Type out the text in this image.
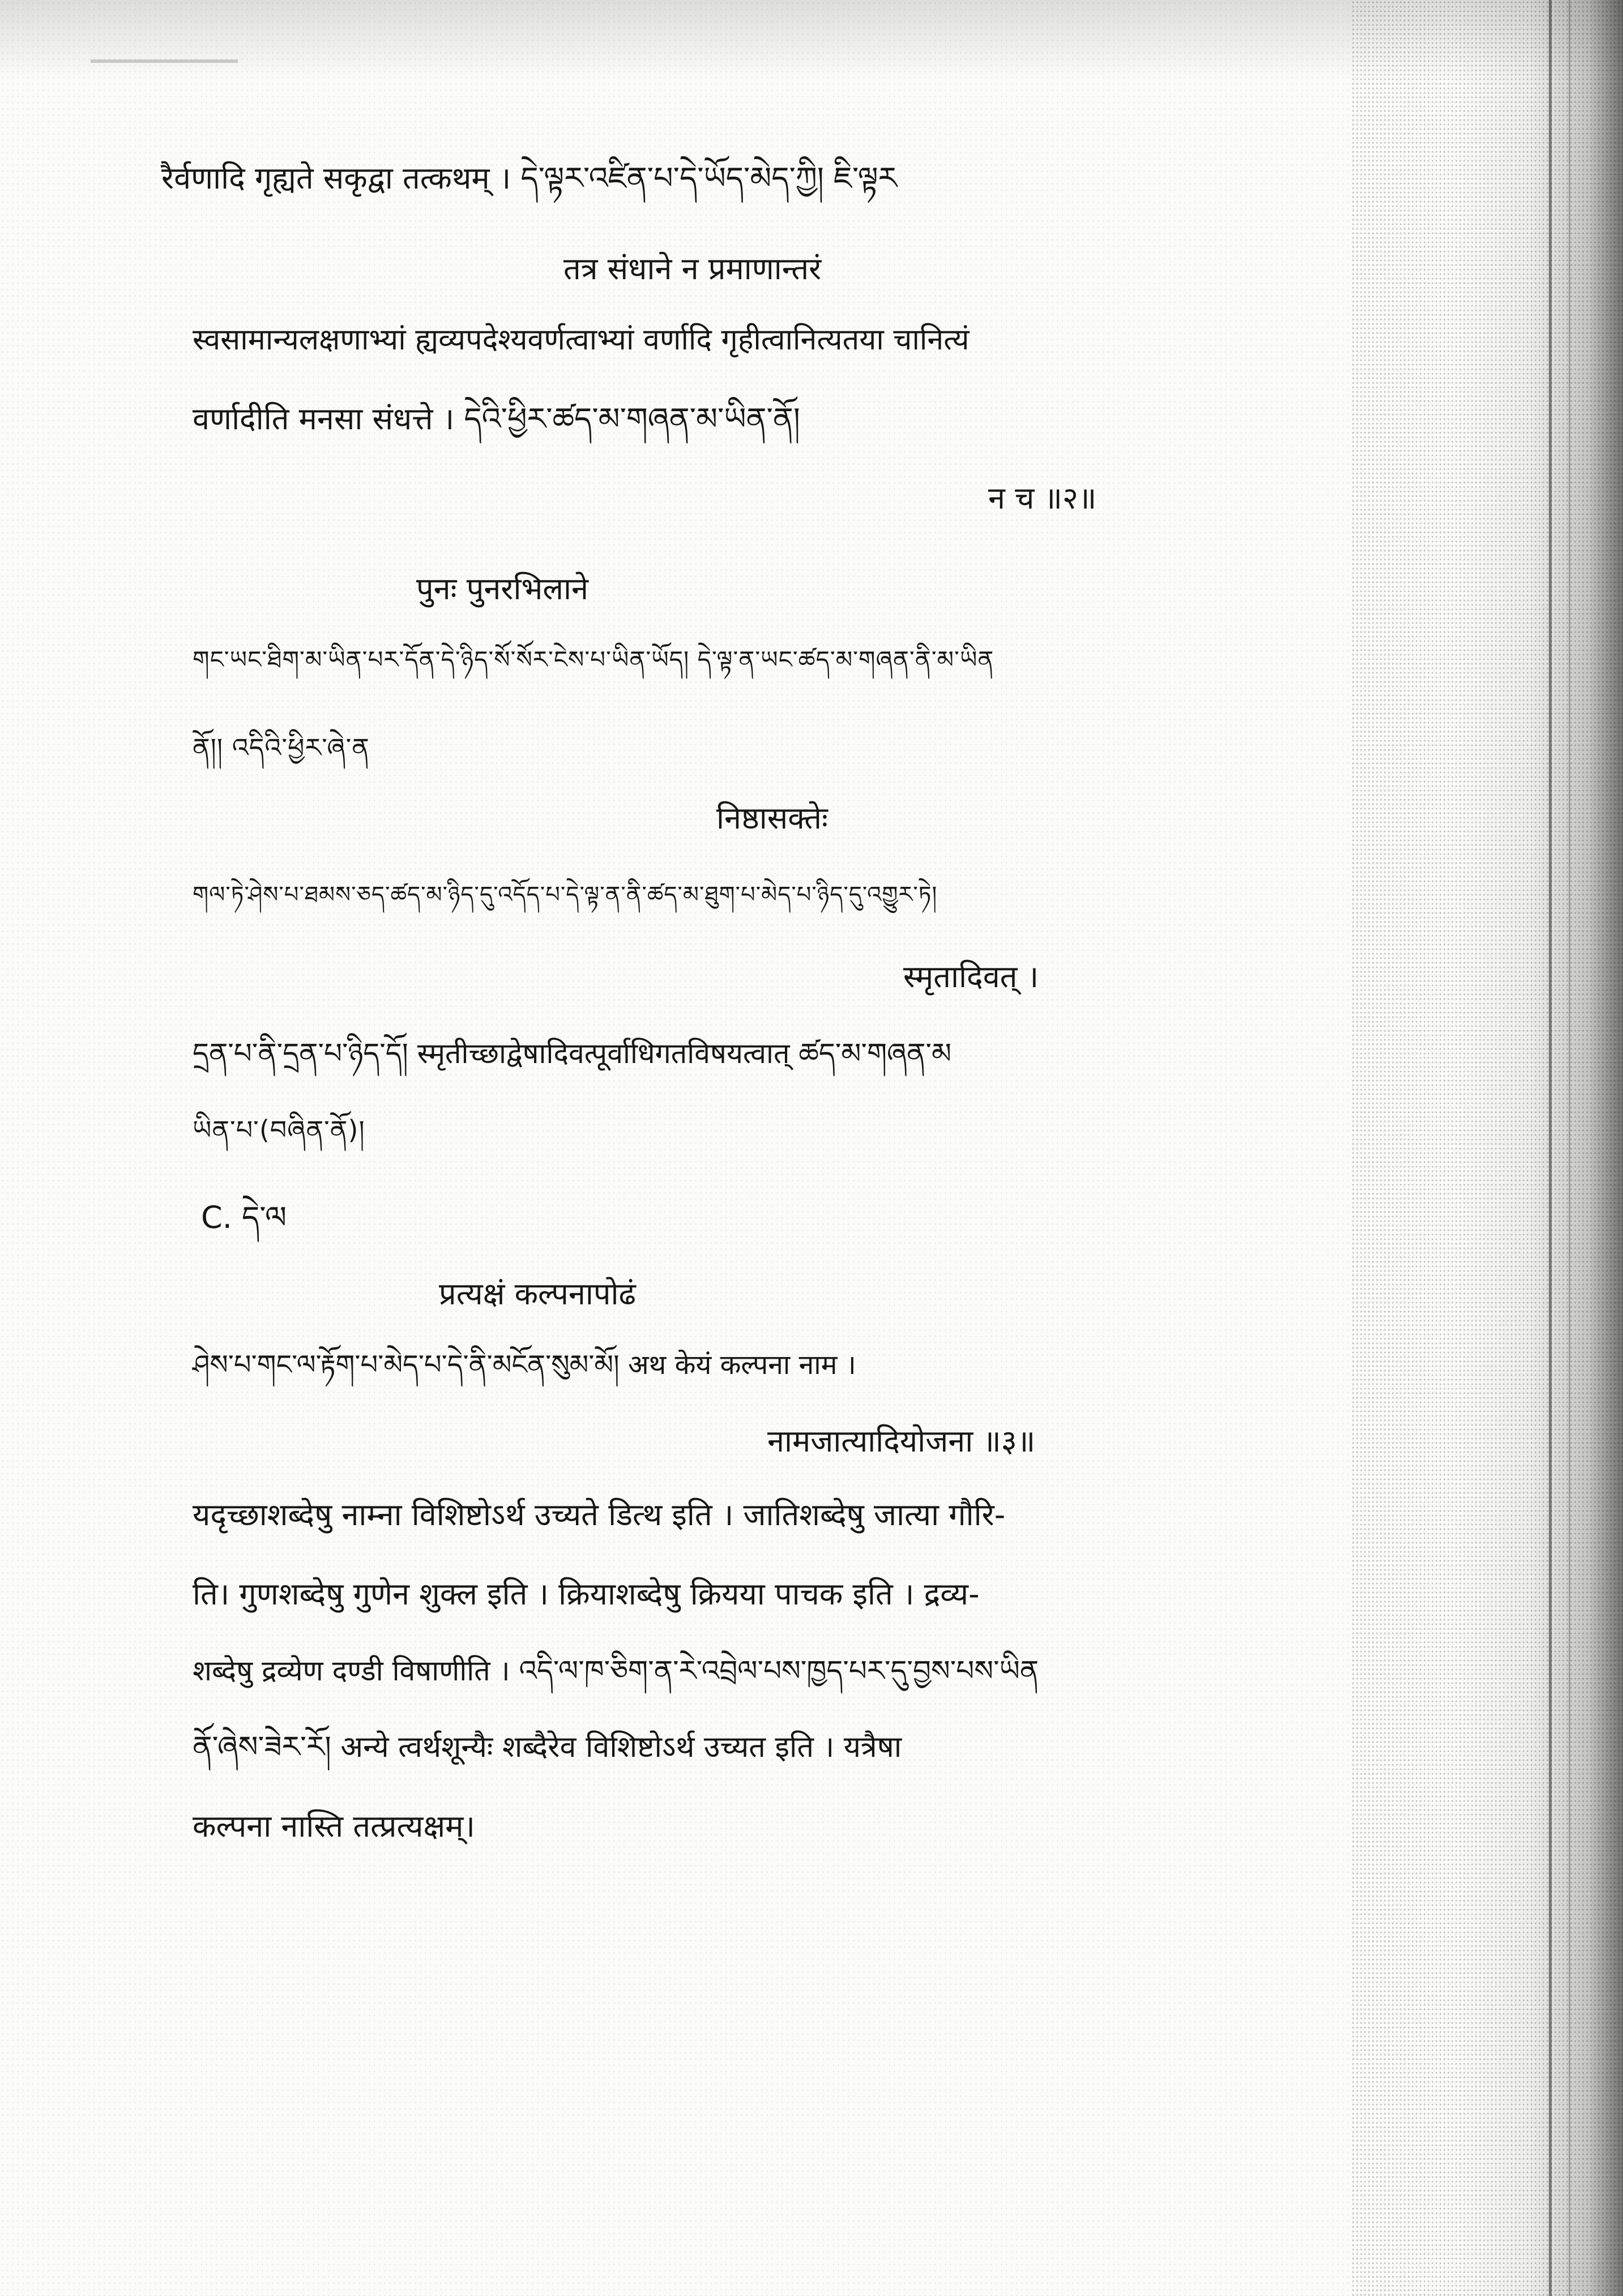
रैर्वणादि गृह्यते सकृद्वा तत्कथम् । དེ་ལྟར་འཛིན་པ་དེ་ཡོད་མེད་ཀྱི། ཇི་ལྟར
तत्र संधाने न प्रमाणान्तरं
स्वसामान्यलक्षणाभ्यां ह्यव्यपदेश्यवर्णत्वाभ्यां वर्णादि गृहीत्वानित्यतया चानित्यं
वर्णादीति मनसा संधत्ते । དེའི་ཕྱིར་ཚད་མ་གཞན་མ་ཡིན་ནོ།
न च ॥२॥
पुनः पुनरभिलाने
གང་ཡང་ཐིག་མ་ཡིན་པར་དོན་དེ་ཉིད་སོ་སོར་ངེས་པ་ཡིན་ཡོད། དེ་ལྟ་ན་ཡང་ཚད་མ་གཞན་ནི་མ་ཡིན
ནོ།། འདིའི་ཕྱིར་ཞེ་ན
निष्ठासक्तेः
གལ་ཏེ་ཤེས་པ་ཐམས་ཅད་ཚད་མ་ཉིད་དུ་འདོད་པ་དེ་ལྟ་ན་ནི་ཚད་མ་ཐུག་པ་མེད་པ་ཉིད་དུ་འགྱུར་ཏེ།
स्मृतादिवत् ।
དྲན་པ་ནི་དྲན་པ་ཉིད་དོ། स्मृतीच्छाद्वेषादिवत्पूर्वाधिगतविषयत्वात् ཚད་མ་གཞན་མ
ཡིན་པ་(བཞིན་ནོ)།
C. དེ་ལ
प्रत्यक्षं कल्पनापोढं
ཤེས་པ་གང་ལ་རྟོག་པ་མེད་པ་དེ་ནི་མངོན་སུམ་མོ། अथ केयं कल्पना नाम ।
नामजात्यादियोजना ॥३॥
यदृच्छाशब्देषु नाम्ना विशिष्टोऽर्थ उच्यते डित्थ इति । जातिशब्देषु जात्या गौरि-
ति। गुणशब्देषु गुणेन शुक्ल इति । क्रियाशब्देषु क्रियया पाचक इति । द्रव्य-
शब्देषु द्रव्येण दण्डी विषाणीति । འདི་ལ་ཁ་ཅིག་ན་རེ་འབྲེལ་པས་ཁྱད་པར་དུ་བྱས་པས་ཡིན
ནོ་ཞེས་ཟེར་རོ། अन्ये त्वर्थशून्यैः शब्दैरेव विशिष्टोऽर्थ उच्यत इति । यत्रैषा
कल्पना नास्ति तत्प्रत्यक्षम्।
